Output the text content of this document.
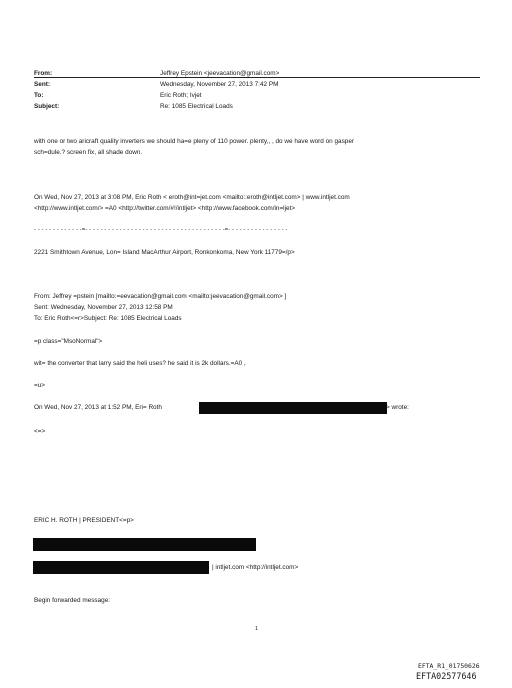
From:	Jeffrey Epstein <jeevacation@gmail.com>
Sent:	Wednesday, November 27, 2013 7:42 PM
To:	Eric Roth; Ivjet
Subject:	Re: 1085 Electrical Loads
with one or two aricraft quality inverters we should ha=e pleny of 110 power. plenty,, , do we have word on gasper
sch=dule.? screen fix, all shade down.
On Wed, Nov 27, 2013 at 3:08 PM, Eric Roth < eroth@int=jet.com <mailto::eroth@intljet.com> | www.intljet.com
<http://www.intljet.com/> =A0 <http://twitter.com/#!/intljet> <http://www.facebook.com/in=ljet>
- - - - - - - - - - - - -=- - - - - - - - - - - - - - - - - - - - - - - - - - - - - - - - - - - - -=- - - - - - - - - - - - - - - -
2221 Smithtown Avenue, Lon= Island MacArthur Airport, Ronkonkoma, New York 11779=/p>
From: Jeffrey =pstein [mailto:=eevacation@gmail.com <mailto:jeevacation@gmail.com> ]
Sent: Wednesday, November 27, 2013 12:58 PM
To: Eric Roth<=r>Subject: Re: 1085 Electrical Loads
=p class="MsoNormal">
wit= the converter that larry said the heli uses? he said it is 2k dollars.=A0 ,
=u>
On Wed, Nov 27, 2013 at 1:52 PM, Eri= Roth	> wrote:
<=>
ERIC H. ROTH | PRESIDENT<=p>
| intljet.com <http://intljet.com>
Begin forwarded message:
1
EFTA_R1_01750626
EFTA02577646
